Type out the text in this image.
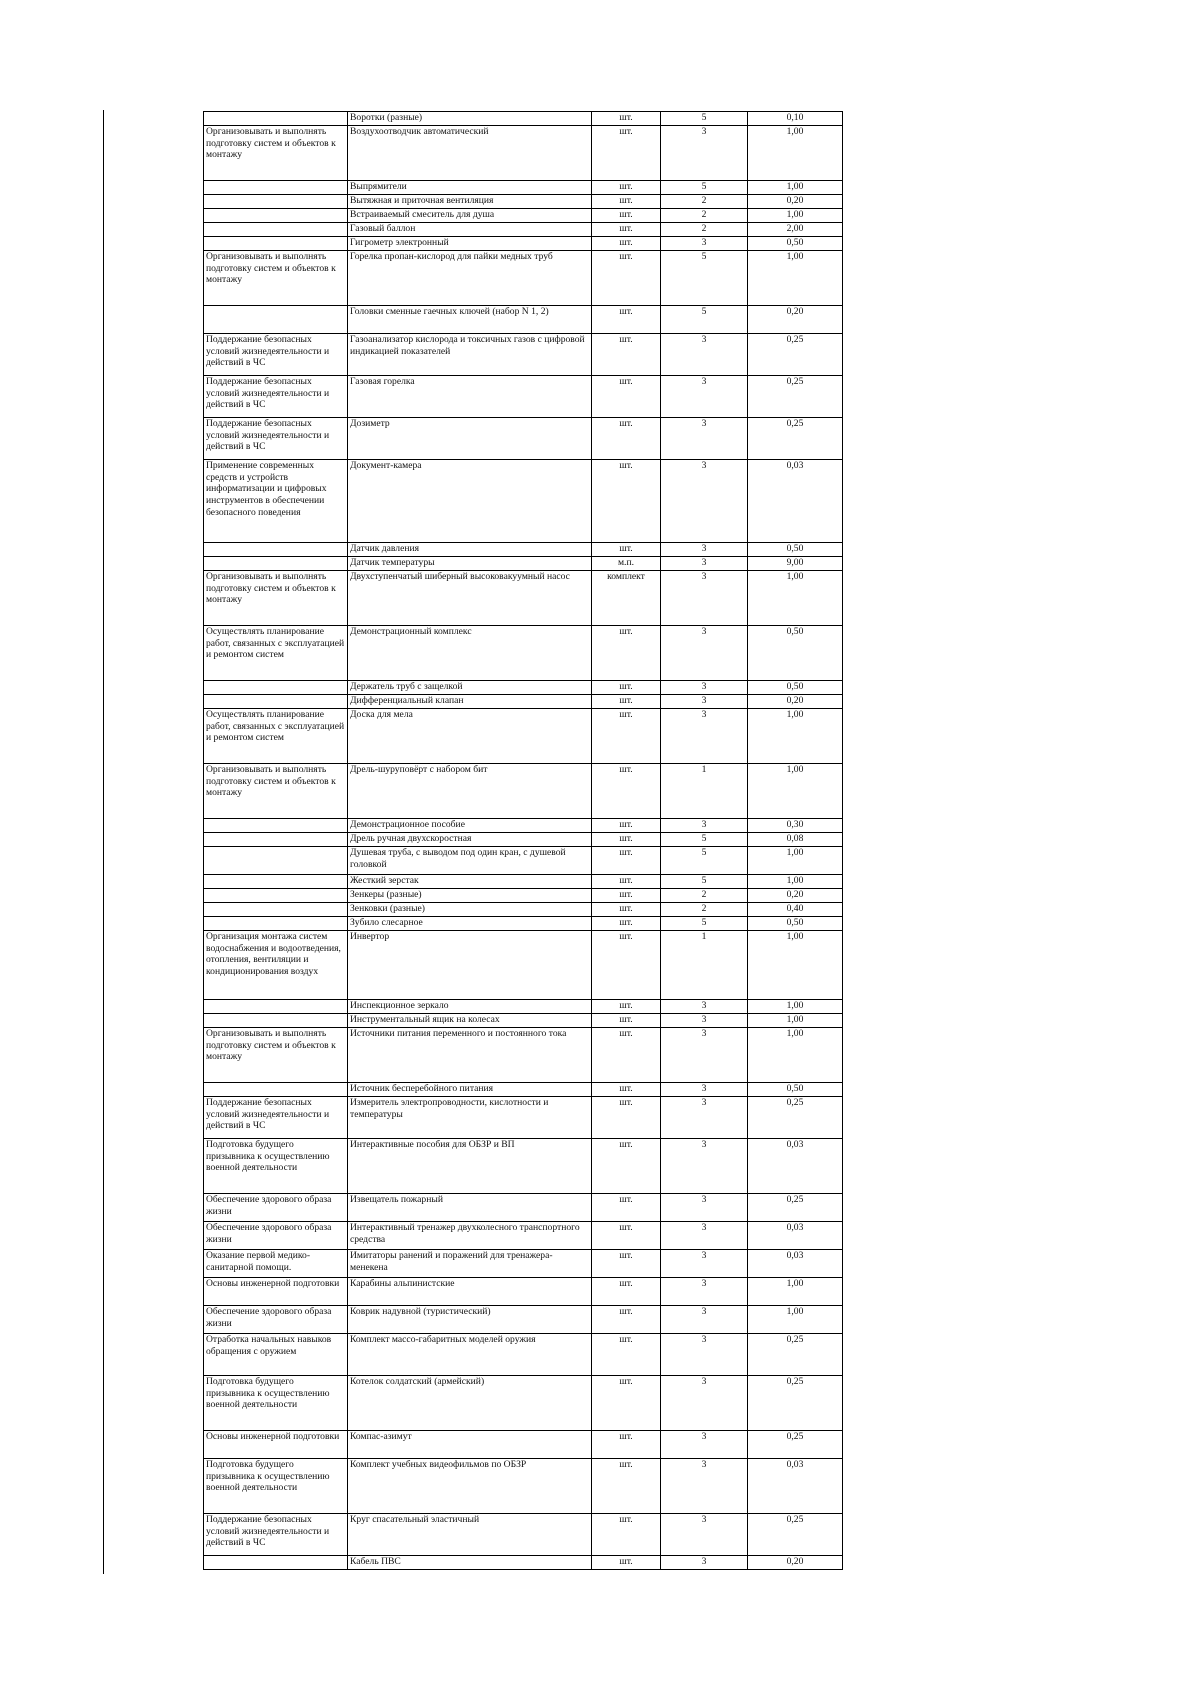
	Воротки (разные)	шт.	5	0,10
Организовывать и выполнять подготовку систем и объектов к монтажу	Воздухоотводчик автоматический	шт.	3	1,00
	Выпрямители	шт.	5	1,00
	Вытяжная и приточная вентиляция	шт.	2	0,20
	Встраиваемый смеситель для душа	шт.	2	1,00
	Газовый баллон	шт.	2	2,00
	Гигрометр электронный	шт.	3	0,50
Организовывать и выполнять подготовку систем и объектов к монтажу	Горелка пропан-кислород для пайки медных труб	шт.	5	1,00
	Головки сменные гаечных ключей (набор N 1, 2)	шт.	5	0,20
Поддержание безопасных условий жизнедеятельности и действий в ЧС	Газоанализатор кислорода и токсичных газов с цифровой индикацией показателей	шт.	3	0,25
Поддержание безопасных условий жизнедеятельности и действий в ЧС	Газовая горелка	шт.	3	0,25
Поддержание безопасных условий жизнедеятельности и действий в ЧС	Дозиметр	шт.	3	0,25
Применение современных средств и устройств информатизации и цифровых инструментов в обеспечении безопасного поведения	Документ-камера	шт.	3	0,03
	Датчик давления	шт.	3	0,50
	Датчик температуры	м.п.	3	9,00
Организовывать и выполнять подготовку систем и объектов к монтажу	Двухступенчатый шиберный высоковакуумный насос	комплект	3	1,00
Осуществлять планирование работ, связанных с эксплуатацией и ремонтом систем	Демонстрационный комплекс	шт.	3	0,50
	Держатель труб с защелкой	шт.	3	0,50
	Дифференциальный клапан	шт.	3	0,20
Осуществлять планирование работ, связанных с эксплуатацией и ремонтом систем	Доска для мела	шт.	3	1,00
Организовывать и выполнять подготовку систем и объектов к монтажу	Дрель-шуруповёрт с набором бит	шт.	1	1,00
	Демонстрационное пособие	шт.	3	0,30
	Дрель ручная двухскоростная	шт.	5	0,08
	Душевая труба, с выводом под один кран, с душевой головкой	шт.	5	1,00
	Жесткий зерстак	шт.	5	1,00
	Зенкеры (разные)	шт.	2	0,20
	Зенковки (разные)	шт.	2	0,40
	Зубило слесарное	шт.	5	0,50
Организация монтажа систем водоснабжения и водоотведения, отопления, вентиляции и кондиционирования воздух	Инвертор	шт.	1	1,00
	Инспекционное зеркало	шт.	3	1,00
	Инструментальный ящик на колесах	шт.	3	1,00
Организовывать и выполнять подготовку систем и объектов к монтажу	Источники питания переменного и постоянного тока	шт.	3	1,00
	Источник бесперебойного питания	шт.	3	0,50
Поддержание безопасных условий жизнедеятельности и действий в ЧС	Измеритель электропроводности, кислотности и температуры	шт.	3	0,25
Подготовка будущего призывника к осуществлению военной деятельности	Интерактивные пособия для ОБЗР и ВП	шт.	3	0,03
Обеспечение здорового образа жизни	Извещатель пожарный	шт.	3	0,25
Обеспечение здорового образа жизни	Интерактивный тренажер двухколесного транспортного средства	шт.	3	0,03
Оказание первой медико-санитарной помощи.	Имитаторы ранений и поражений для тренажера-менекена	шт.	3	0,03
Основы инженерной подготовки	Карабины альпинистские	шт.	3	1,00
Обеспечение здорового образа жизни	Коврик надувной (туристический)	шт.	3	1,00
Отработка начальных навыков обращения с оружием	Комплект массо-габаритных моделей оружия	шт.	3	0,25
Подготовка будущего призывника к осуществлению военной деятельности	Котелок солдатский (армейский)	шт.	3	0,25
Основы инженерной подготовки	Компас-азимут	шт.	3	0,25
Подготовка будущего призывника к осуществлению военной деятельности	Комплект учебных видеофильмов по ОБЗР	шт.	3	0,03
Поддержание безопасных условий жизнедеятельности и действий в ЧС	Круг спасательный эластичный	шт.	3	0,25
	Кабель ПВС	шт.	3	0,20
